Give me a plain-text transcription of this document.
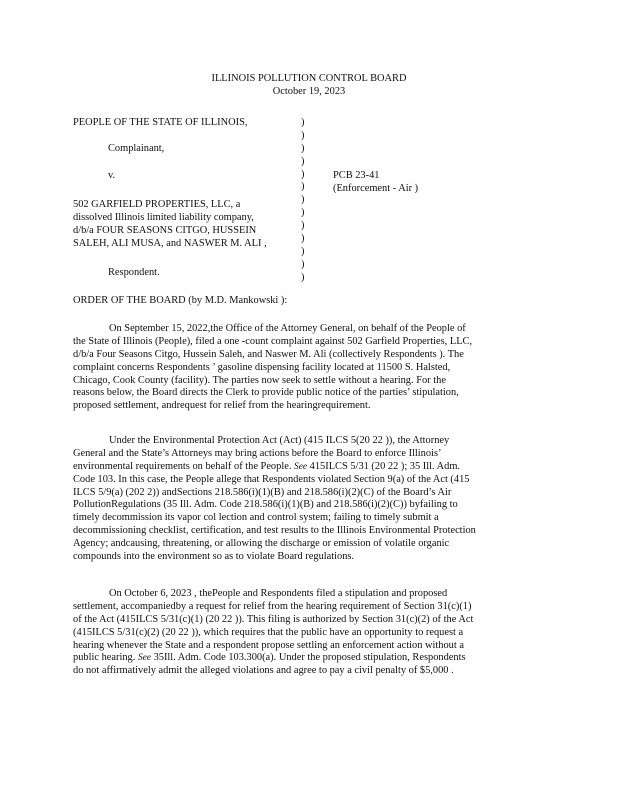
ILLINOIS POLLUTION CONTROL BOARD
October 19, 2023
PEOPLE OF THE STATE OF ILLINOIS,
Complainant,
v.
502 GARFIELD PROPERTIES, LLC, a
dissolved Illinois limited liability company,
d/b/a FOUR SEASONS CITGO, HUSSEIN
SALEH, ALI MUSA, and NASWER M. ALI ,
Respondent.
)
)
)
)
)
)
)
)
)
)
)
)
)
PCB 23-41
(Enforcement - Air )
ORDER OF THE BOARD (by M.D. Mankowski ):
On September 15, 2022,the Office of the Attorney General, on behalf of the People of
the State of Illinois (People), filed a one -count complaint against 502 Garfield Properties, LLC,
d/b/a Four Seasons Citgo, Hussein Saleh, and Naswer M. Ali (collectively Respondents ). The
complaint concerns Respondents ’ gasoline dispensing facility located at 11500 S. Halsted,
Chicago, Cook County (facility). The parties now seek to settle without a hearing. For the
reasons below, the Board directs the Clerk to provide public notice of the parties’ stipulation,
proposed settlement, andrequest for relief from the hearingrequirement.
Under the Environmental Protection Act (Act) (415 ILCS 5(20 22 )), the Attorney
General and the State’s Attorneys may bring actions before the Board to enforce Illinois’
environmental requirements on behalf of the People. See 415ILCS 5/31 (20 22 ); 35 Ill. Adm.
Code 103. In this case, the People allege that Respondents violated Section 9(a) of the Act (415
ILCS 5/9(a) (202 2)) andSections 218.586(i)(1)(B) and 218.586(i)(2)(C) of the Board’s Air
PollutionRegulations (35 Ill. Adm. Code 218.586(i)(1)(B) and 218.586(i)(2)(C)) byfailing to
timely decommission its vapor col lection and control system; failing to timely submit a
decommissioning checklist, certification, and test results to the Illinois Environmental Protection
Agency; andcausing, threatening, or allowing the discharge or emission of volatile organic
compounds into the environment so as to violate Board regulations.
On October 6, 2023 , thePeople and Respondents filed a stipulation and proposed
settlement, accompaniedby a request for relief from the hearing requirement of Section 31(c)(1)
of the Act (415ILCS 5/31(c)(1) (20 22 )). This filing is authorized by Section 31(c)(2) of the Act
(415ILCS 5/31(c)(2) (20 22 )), which requires that the public have an opportunity to request a
hearing whenever the State and a respondent propose settling an enforcement action without a
public hearing. See 35Ill. Adm. Code 103.300(a). Under the proposed stipulation, Respondents
do not affirmatively admit the alleged violations and agree to pay a civil penalty of $5,000 .
